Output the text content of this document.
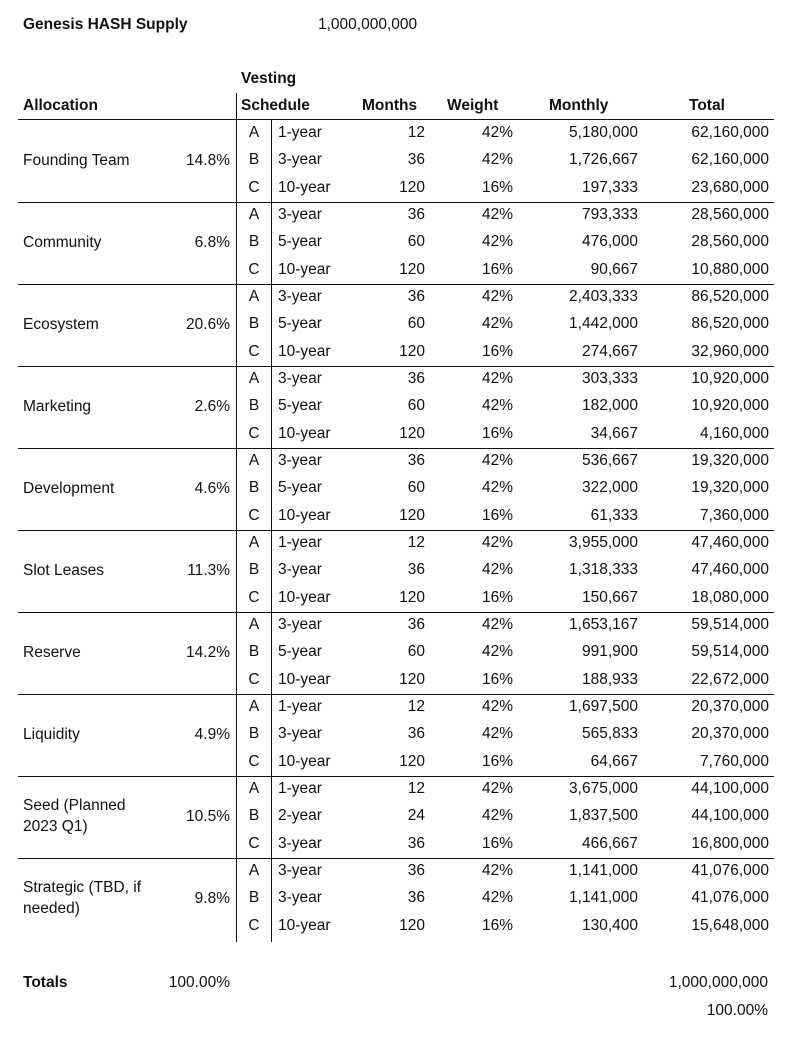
Genesis HASH Supply	1,000,000,000
Vesting
Allocation	Schedule	Months Weight	Monthly	Total
Founding Team	14.8%
A	1-year	12	42%	5,180,000	62,160,000
B	3-year	36	42%	1,726,667	62,160,000
C 10-year	120	16%	197,333	23,680,000
Community	6.8%
A	3-year	36	42%	793,333	28,560,000
B	5-year	60	42%	476,000	28,560,000
C 10-year	120	16%	90,667	10,880,000
Ecosystem	20.6%
A	3-year	36	42%	2,403,333	86,520,000
B	5-year	60	42%	1,442,000	86,520,000
C 10-year	120	16%	274,667	32,960,000
Marketing	2.6%
A	3-year	36	42%	303,333	10,920,000
B	5-year	60	42%	182,000	10,920,000
C 10-year	120	16%	34,667	4,160,000
Development	4.6%
A	3-year	36	42%	536,667	19,320,000
B	5-year	60	42%	322,000	19,320,000
C 10-year	120	16%	61,333	7,360,000
Slot Leases	11.3%
A	1-year	12	42%	3,955,000	47,460,000
B	3-year	36	42%	1,318,333	47,460,000
C 10-year	120	16%	150,667	18,080,000
Reserve	14.2%
A	3-year	36	42%	1,653,167	59,514,000
B	5-year	60	42%	991,900	59,514,000
C 10-year	120	16%	188,933	22,672,000
Liquidity	4.9%
A	1-year	12	42%	1,697,500	20,370,000
B	3-year	36	42%	565,833	20,370,000
C 10-year	120	16%	64,667	7,760,000
Seed (Planned 2023 Q1)
10.5%
A	1-year	12	42%	3,675,000	44,100,000
B	2-year	24	42%	1,837,500	44,100,000
C 3-year	36	16%	466,667	16,800,000
Strategic (TBD, if needed)
9.8%
A	3-year	36	42%	1,141,000	41,076,000
B	3-year	36	42%	1,141,000	41,076,000
C 10-year	120	16%	130,400	15,648,000
Totals	100.00%	1,000,000,000
100.00%
